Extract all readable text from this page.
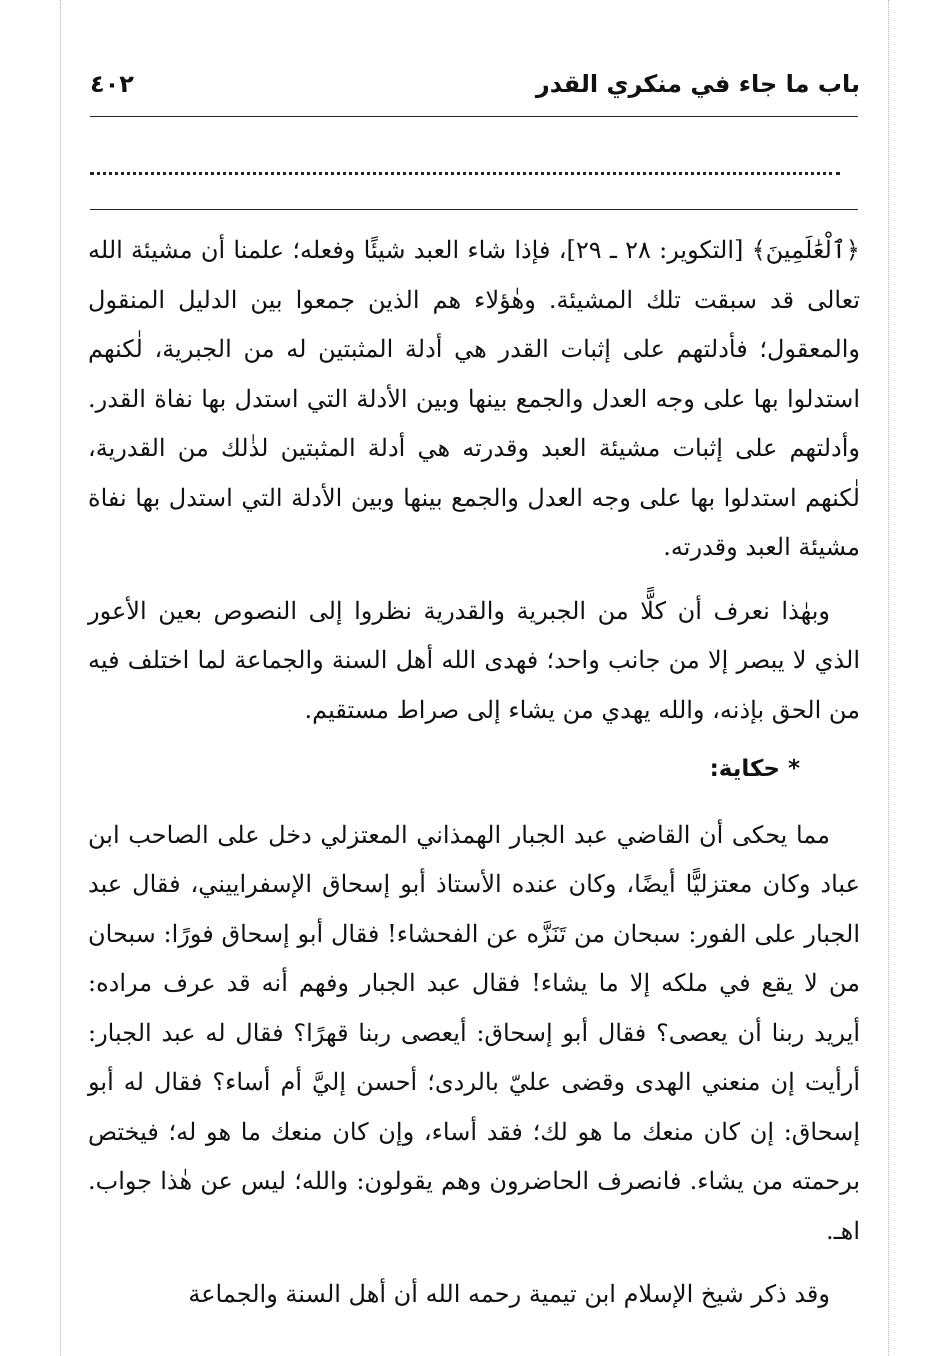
باب ما جاء في منكري القدر
٤٠٢

﴿ٱلْعَٰلَمِينَ﴾ [التكوير: ٢٨ ـ ٢٩]، فإذا شاء العبد شيئًا وفعله؛ علمنا أن مشيئة الله تعالى قد سبقت تلك المشيئة. وهٰؤلاء هم الذين جمعوا بين الدليل المنقول والمعقول؛ فأدلتهم على إثبات القدر هي أدلة المثبتين له من الجبرية، لٰكنهم استدلوا بها على وجه العدل والجمع بينها وبين الأدلة التي استدل بها نفاة القدر. وأدلتهم على إثبات مشيئة العبد وقدرته هي أدلة المثبتين لذٰلك من القدرية، لٰكنهم استدلوا بها على وجه العدل والجمع بينها وبين الأدلة التي استدل بها نفاة مشيئة العبد وقدرته.

وبهٰذا نعرف أن كلًّا من الجبرية والقدرية نظروا إلى النصوص بعين الأعور الذي لا يبصر إلا من جانب واحد؛ فهدى الله أهل السنة والجماعة لما اختلف فيه من الحق بإذنه، والله يهدي من يشاء إلى صراط مستقيم.

* حكاية:

مما يحكى أن القاضي عبد الجبار الهمذاني المعتزلي دخل على الصاحب ابن عباد وكان معتزليًّا أيضًا، وكان عنده الأستاذ أبو إسحاق الإسفراييني، فقال عبد الجبار على الفور: سبحان من تَنَزَّه عن الفحشاء! فقال أبو إسحاق فورًا: سبحان من لا يقع في ملكه إلا ما يشاء! فقال عبد الجبار وفهم أنه قد عرف مراده: أيريد ربنا أن يعصى؟ فقال أبو إسحاق: أيعصى ربنا قهرًا؟ فقال له عبد الجبار: أرأيت إن منعني الهدى وقضى عليّ بالردى؛ أحسن إليَّ أم أساء؟ فقال له أبو إسحاق: إن كان منعك ما هو لك؛ فقد أساء، وإن كان منعك ما هو له؛ فيختص برحمته من يشاء. فانصرف الحاضرون وهم يقولون: والله؛ ليس عن هٰذا جواب. اهـ.

وقد ذكر شيخ الإسلام ابن تيمية رحمه الله أن أهل السنة والجماعة
